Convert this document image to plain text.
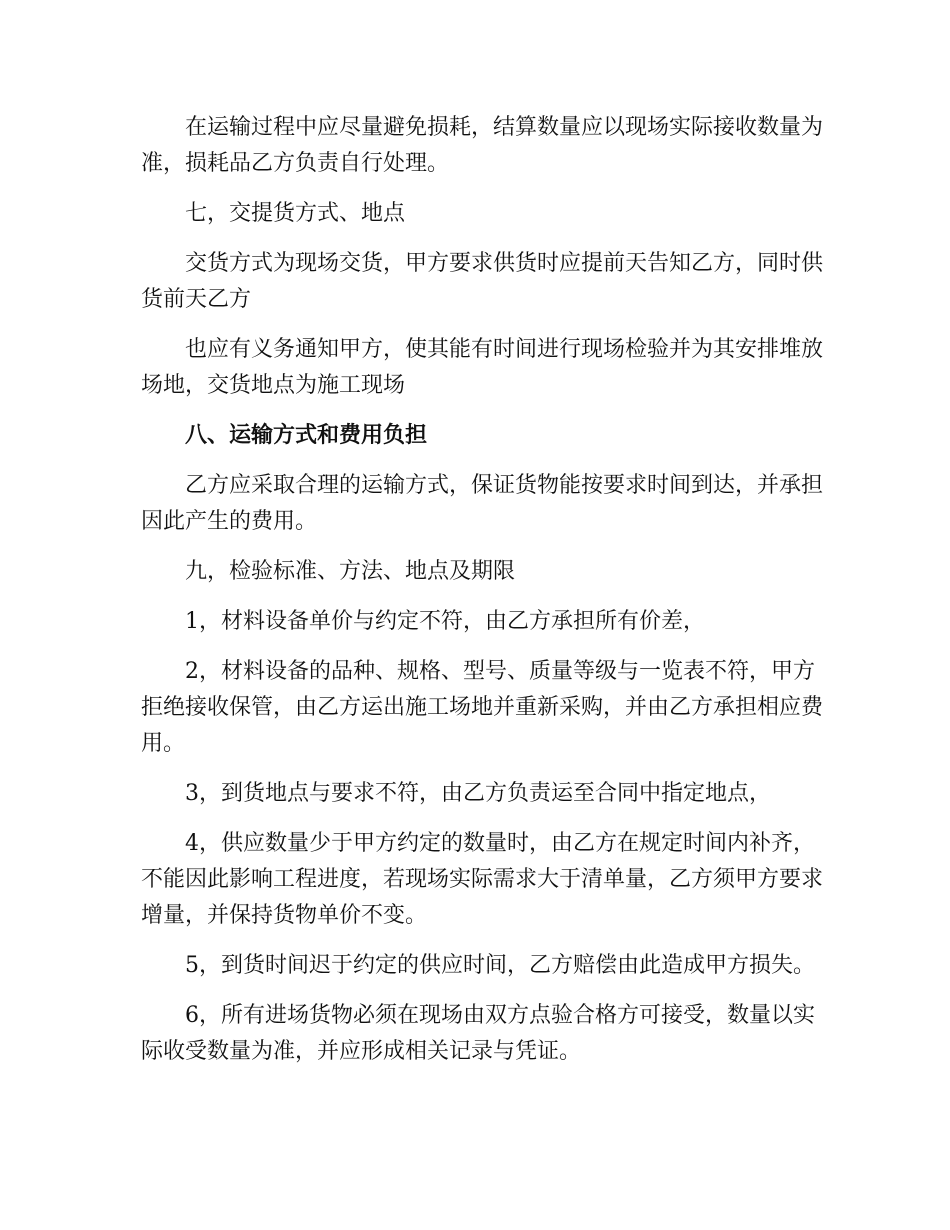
在运输过程中应尽量避免损耗，结算数量应以现场实际接收数量为准，损耗品乙方负责自行处理。

七，交提货方式、地点

交货方式为现场交货，甲方要求供货时应提前天告知乙方，同时供货前天乙方

也应有义务通知甲方，使其能有时间进行现场检验并为其安排堆放场地，交货地点为施工现场

八、运输方式和费用负担

乙方应采取合理的运输方式，保证货物能按要求时间到达，并承担因此产生的费用。

九，检验标准、方法、地点及期限

1，材料设备单价与约定不符，由乙方承担所有价差，

2，材料设备的品种、规格、型号、质量等级与一览表不符，甲方拒绝接收保管，由乙方运出施工场地并重新采购，并由乙方承担相应费用。

3，到货地点与要求不符，由乙方负责运至合同中指定地点，

4，供应数量少于甲方约定的数量时，由乙方在规定时间内补齐，不能因此影响工程进度，若现场实际需求大于清单量，乙方须甲方要求增量，并保持货物单价不变。

5，到货时间迟于约定的供应时间，乙方赔偿由此造成甲方损失。

6，所有进场货物必须在现场由双方点验合格方可接受，数量以实际收受数量为准，并应形成相关记录与凭证。
